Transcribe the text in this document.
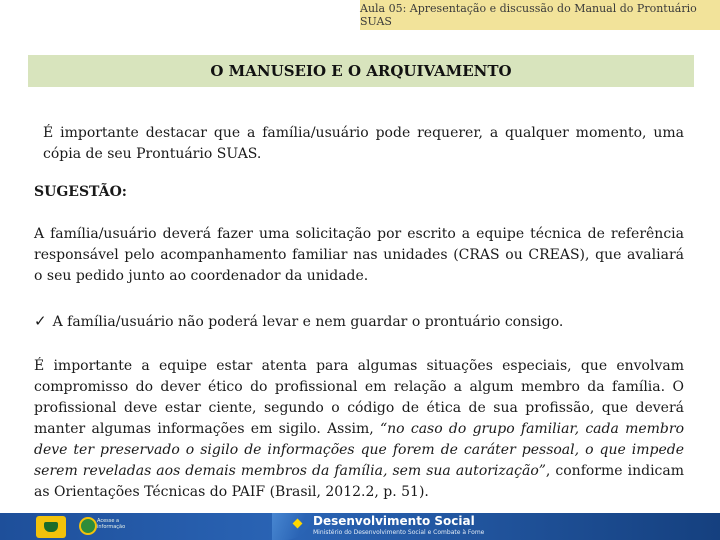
Aula 05: Apresentação e discussão do Manual do Prontuário SUAS
O MANUSEIO E O ARQUIVAMENTO
É importante destacar que a família/usuário pode requerer, a qualquer momento, uma cópia de seu Prontuário SUAS.
SUGESTÃO:
A família/usuário deverá fazer uma solicitação por escrito a equipe técnica de referência responsável pelo acompanhamento familiar nas unidades (CRAS ou CREAS), que avaliará o seu pedido junto ao coordenador da unidade.
✓ A família/usuário não poderá levar e nem guardar o prontuário consigo.
É importante a equipe estar atenta para algumas situações especiais, que envolvam compromisso do dever ético do profissional em relação a algum membro da família. O profissional deve estar ciente, segundo o código de ética de sua profissão, que deverá manter algumas informações em sigilo. Assim, “no caso do grupo familiar, cada membro deve ter preservado o sigilo de informações que forem de caráter pessoal, o que impede serem reveladas aos demais membros da família, sem sua autorização”, conforme indicam as Orientações Técnicas do PAIF (Brasil, 2012.2, p. 51).
Acesse a informação	Desenvolvimento Social
Ministério do Desenvolvimento Social e Combate à Fome
